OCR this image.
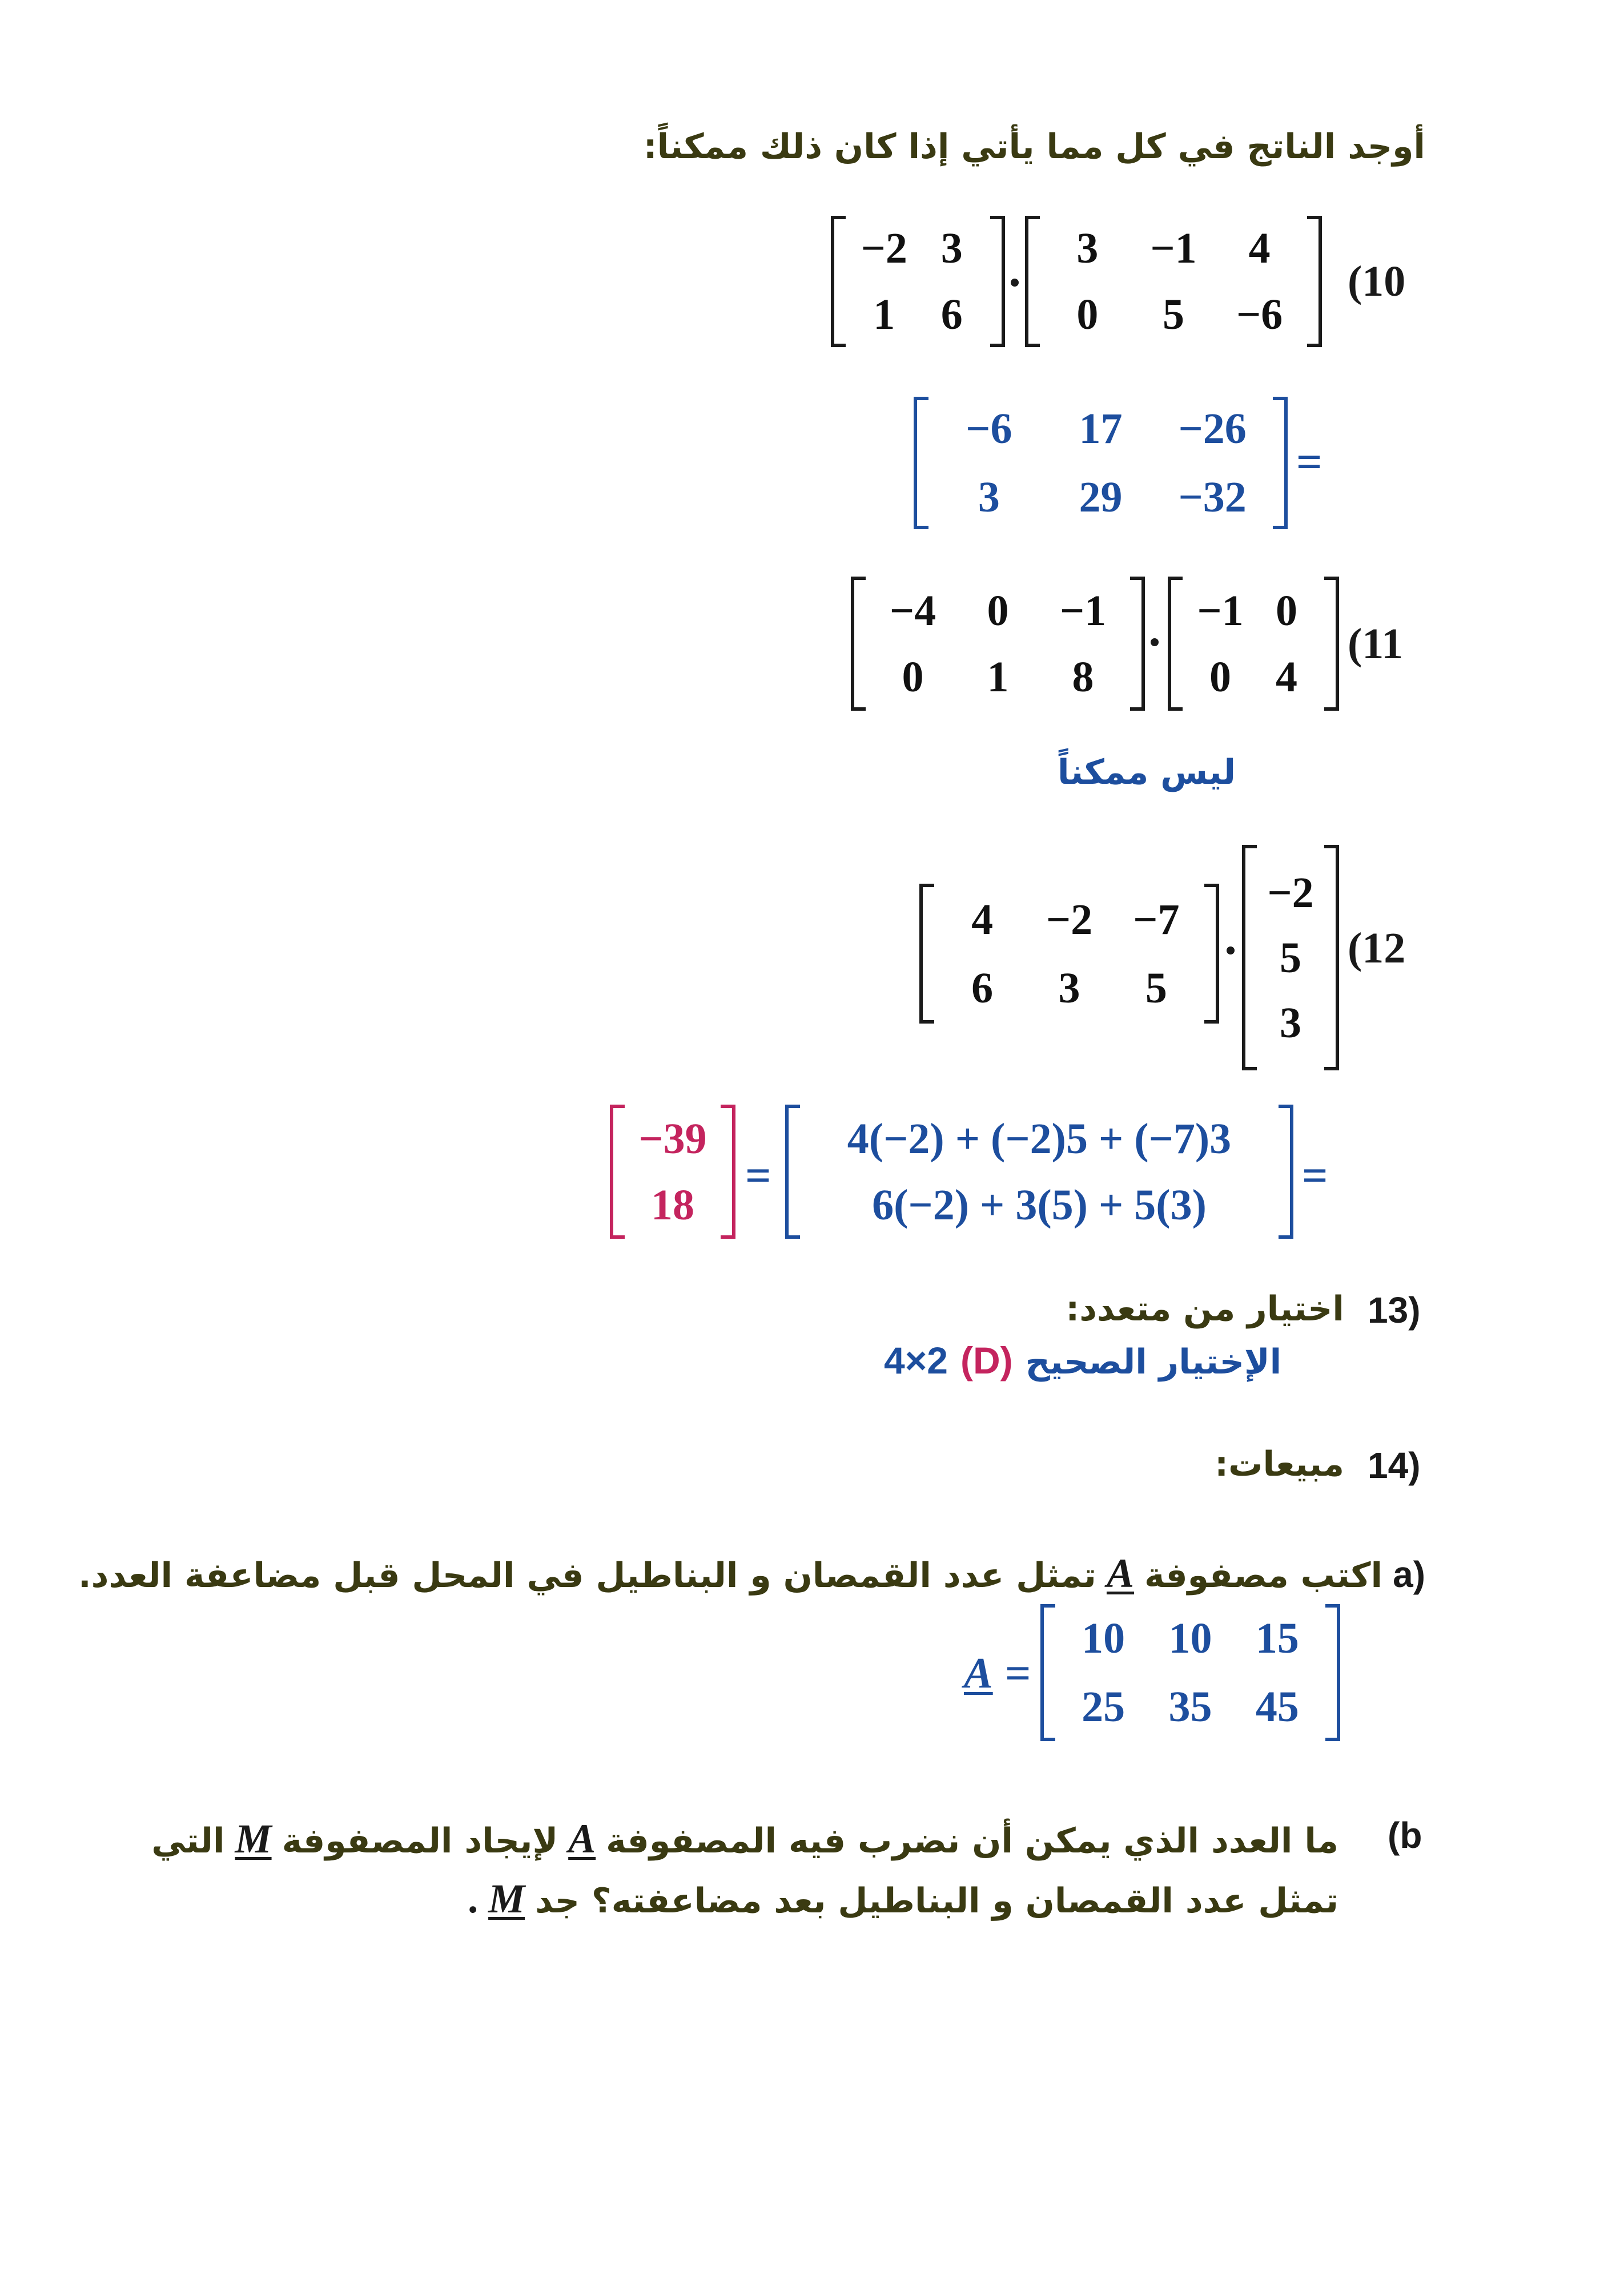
أوجد الناتج في كل مما يأتي إذا كان ذلك ممكناً:
(10
−2 3
1	6
3	−1	4
0	5	−6
−6	17	−26
3	29	−32
=
(11
−4	0	−1
0	1	8
−1 0
0	4
ليس ممكناً
(12
4	−2 −7
6	3	5
−2
5
3
−39
18
=
4(−2) + (−2)5 + (−7)3
6(−2) + 3(5) + 5(3)
=
13)
اختيار من متعدد:
4×2 (D) الإختيار الصحيح
14)
مبيعات:
a)
اكتب مصفوفة
A
تمثل عدد القمصان و البناطيل في المحل قبل مضاعفة العدد.
A =
10	10	15
25	35	45
(b
ما العدد الذي يمكن أن نضرب فيه المصفوفة
A
لإيجاد المصفوفة
M
التي
تمثل عدد القمصان و البناطيل بعد مضاعفته؟ جد
M
.
